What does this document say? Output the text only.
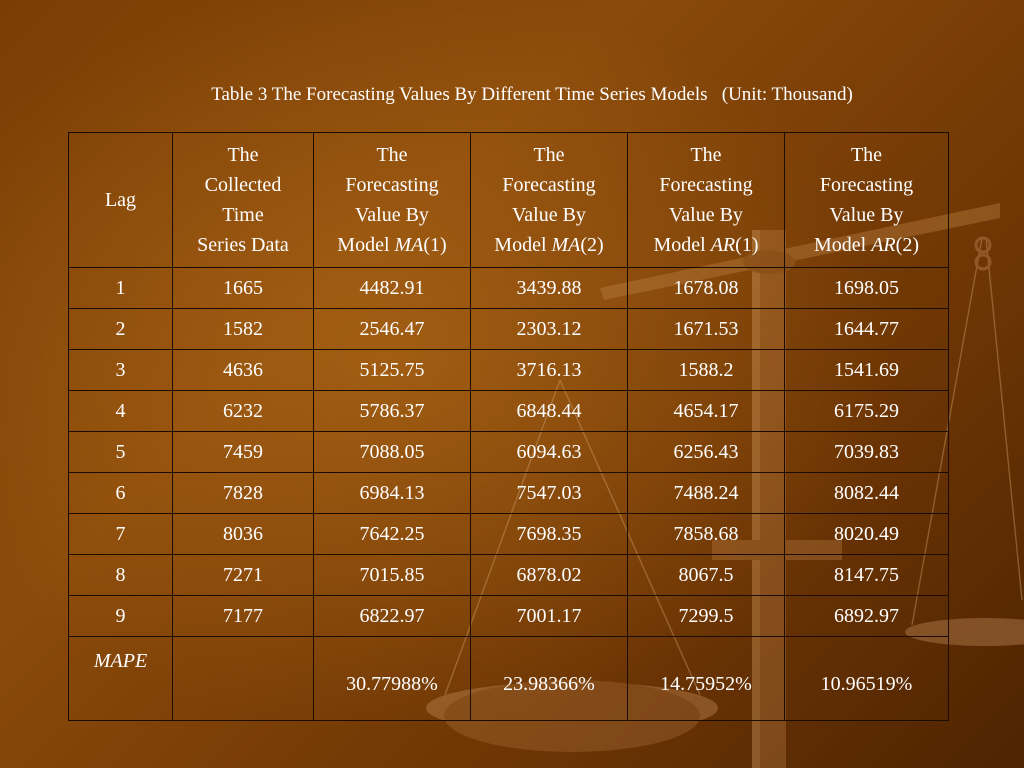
Table 3 The Forecasting Values By Different Time Series Models   (Unit: Thousand)
Lag	The
Collected
Time
Series Data	The
Forecasting
Value By
Model MA(1)	The
Forecasting
Value By
Model MA(2)	The
Forecasting
Value By
Model AR(1)	The
Forecasting
Value By
Model AR(2)
1	1665	4482.91	3439.88	1678.08	1698.05
2	1582	2546.47	2303.12	1671.53	1644.77
3	4636	5125.75	3716.13	1588.2	1541.69
4	6232	5786.37	6848.44	4654.17	6175.29
5	7459	7088.05	6094.63	6256.43	7039.83
6	7828	6984.13	7547.03	7488.24	8082.44
7	8036	7642.25	7698.35	7858.68	8020.49
8	7271	7015.85	6878.02	8067.5	8147.75
9	7177	6822.97	7001.17	7299.5	6892.97
MAPE		30.77988%	23.98366%	14.75952%	10.96519%
